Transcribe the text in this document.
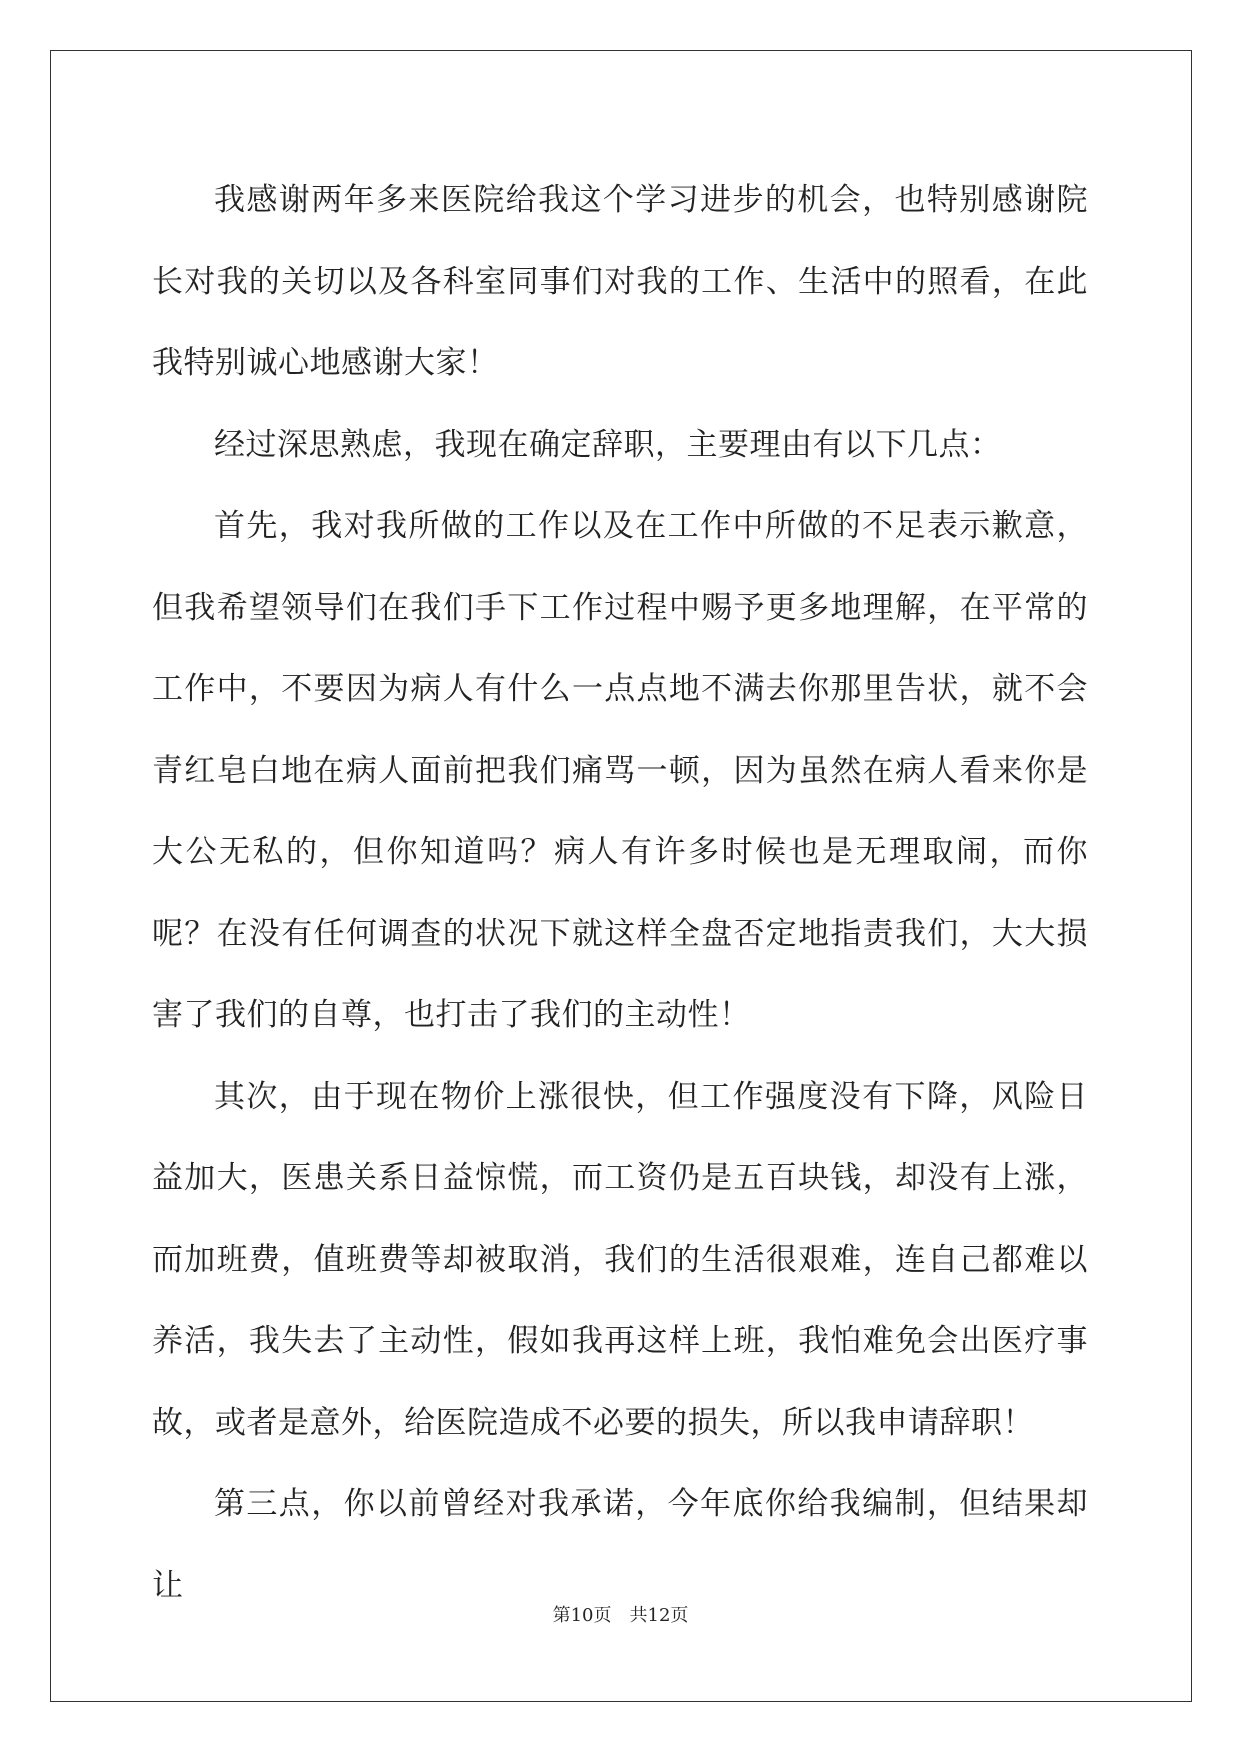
我感谢两年多来医院给我这个学习进步的机会，也特别感谢院长对我的关切以及各科室同事们对我的工作、生活中的照看，在此我特别诚心地感谢大家！

经过深思熟虑，我现在确定辞职，主要理由有以下几点：

首先，我对我所做的工作以及在工作中所做的不足表示歉意，但我希望领导们在我们手下工作过程中赐予更多地理解，在平常的工作中，不要因为病人有什么一点点地不满去你那里告状，就不会青红皂白地在病人面前把我们痛骂一顿，因为虽然在病人看来你是大公无私的，但你知道吗？病人有许多时候也是无理取闹，而你呢？在没有任何调查的状况下就这样全盘否定地指责我们，大大损害了我们的自尊，也打击了我们的主动性！

其次，由于现在物价上涨很快，但工作强度没有下降，风险日益加大，医患关系日益惊慌，而工资仍是五百块钱，却没有上涨，而加班费，值班费等却被取消，我们的生活很艰难，连自己都难以养活，我失去了主动性，假如我再这样上班，我怕难免会出医疗事故，或者是意外，给医院造成不必要的损失，所以我申请辞职！

第三点，你以前曾经对我承诺，今年底你给我编制，但结果却让

第10页 共12页
